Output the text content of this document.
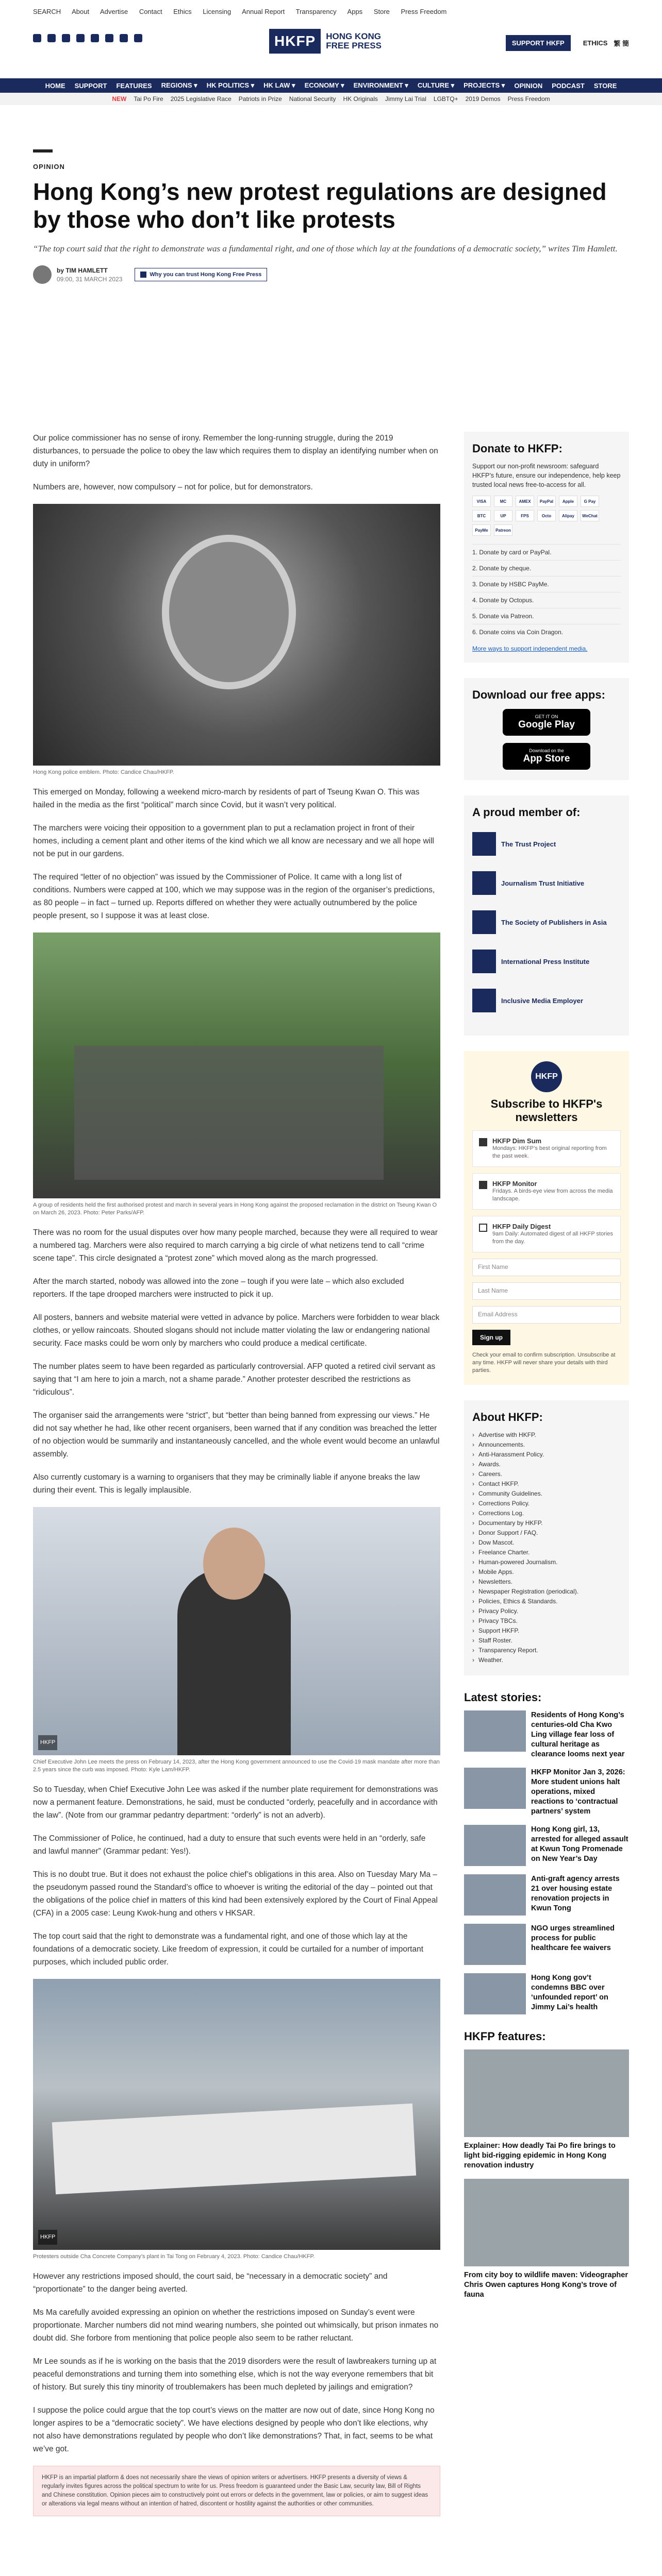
SEARCH About Advertise Contact Ethics Licensing Annual Report Transparency Apps Store Press Freedom
HKFP	HONG KONG
FREE PRESS	SUPPORT HKFP	ETHICS 繁 簡
HOME SUPPORT FEATURES REGIONS ▾ HK POLITICS ▾ HK LAW ▾ ECONOMY ▾ ENVIRONMENT ▾ CULTURE ▾ PROJECTS ▾ OPINION PODCAST STORE
NEW Tai Po Fire 2025 Legislative Race Patriots in Prize National Security HK Originals Jimmy Lai Trial LGBTQ+ 2019 Demos Press Freedom
OPINION
Hong Kong’s new protest regulations are designed by those who don’t like protests

“The top court said that the right to demonstrate was a fundamental right, and one of those which lay at the foundations of a democratic society,” writes Tim Hamlett.

by TIM HAMLETT
09:00, 31 MARCH 2023
Why you can trust Hong Kong Free Press

Our police commissioner has no sense of irony. Remember the long-running struggle, during the 2019 disturbances, to persuade the police to obey the law which requires them to display an identifying number when on duty in uniform?

Numbers are, however, now compulsory – not for police, but for demonstrators.

Hong Kong police emblem. Photo: Candice Chau/HKFP.

This emerged on Monday, following a weekend micro-march by residents of part of Tseung Kwan O. This was hailed in the media as the first “political” march since Covid, but it wasn’t very political.

The marchers were voicing their opposition to a government plan to put a reclamation project in front of their homes, including a cement plant and other items of the kind which we all know are necessary and we all hope will not be put in our gardens.

The required “letter of no objection” was issued by the Commissioner of Police. It came with a long list of conditions. Numbers were capped at 100, which we may suppose was in the region of the organiser’s predictions, as 80 people – in fact – turned up. Reports differed on whether they were actually outnumbered by the police people present, so I suppose it was at least close.

A group of residents held the first authorised protest and march in several years in Hong Kong against the proposed reclamation in the district on Tseung Kwan O on March 26, 2023. Photo: Peter Parks/AFP.

There was no room for the usual disputes over how many people marched, because they were all required to wear a numbered tag. Marchers were also required to march carrying a big circle of what netizens tend to call “crime scene tape”. This circle designated a “protest zone” which moved along as the march progressed.

After the march started, nobody was allowed into the zone – tough if you were late – which also excluded reporters. If the tape drooped marchers were instructed to pick it up.

All posters, banners and website material were vetted in advance by police. Marchers were forbidden to wear black clothes, or yellow raincoats. Shouted slogans should not include matter violating the law or endangering national security. Face masks could be worn only by marchers who could produce a medical certificate.

The number plates seem to have been regarded as particularly controversial. AFP quoted a retired civil servant as saying that “I am here to join a march, not a shame parade.” Another protester described the restrictions as “ridiculous”.

The organiser said the arrangements were “strict”, but “better than being banned from expressing our views.” He did not say whether he had, like other recent organisers, been warned that if any condition was breached the letter of no objection would be summarily and instantaneously cancelled, and the whole event would become an unlawful assembly.

Also currently customary is a warning to organisers that they may be criminally liable if anyone breaks the law during their event. This is legally implausible.

HKFP

Chief Executive John Lee meets the press on February 14, 2023, after the Hong Kong government announced to use the Covid-19 mask mandate after more than 2.5 years since the curb was imposed. Photo: Kyle Lam/HKFP.

So to Tuesday, when Chief Executive John Lee was asked if the number plate requirement for demonstrations was now a permanent feature. Demonstrations, he said, must be conducted “orderly, peacefully and in accordance with the law”. (Note from our grammar pedantry department: “orderly” is not an adverb).

The Commissioner of Police, he continued, had a duty to ensure that such events were held in an “orderly, safe and lawful manner” (Grammar pedant: Yes!).

This is no doubt true. But it does not exhaust the police chief’s obligations in this area. Also on Tuesday Mary Ma – the pseudonym passed round the Standard’s office to whoever is writing the editorial of the day – pointed out that the obligations of the police chief in matters of this kind had been extensively explored by the Court of Final Appeal (CFA) in a 2005 case: Leung Kwok-hung and others v HKSAR.

The top court said that the right to demonstrate was a fundamental right, and one of those which lay at the foundations of a democratic society. Like freedom of expression, it could be curtailed for a number of important purposes, which included public order.

HKFP

Protesters outside Cha Concrete Company’s plant in Tai Tong on February 4, 2023. Photo: Candice Chau/HKFP.

However any restrictions imposed should, the court said, be “necessary in a democratic society” and “proportionate” to the danger being averted.

Ms Ma carefully avoided expressing an opinion on whether the restrictions imposed on Sunday’s event were proportionate. Marcher numbers did not mind wearing numbers, she pointed out whimsically, but prison inmates no doubt did. She forbore from mentioning that police people also seem to be rather reluctant.

Mr Lee sounds as if he is working on the basis that the 2019 disorders were the result of lawbreakers turning up at peaceful demonstrations and turning them into something else, which is not the way everyone remembers that bit of history. But surely this tiny minority of troublemakers has been much depleted by jailings and emigration?

I suppose the police could argue that the top court’s views on the matter are now out of date, since Hong Kong no longer aspires to be a “democratic society”. We have elections designed by people who don’t like elections, why not also have demonstrations regulated by people who don’t like demonstrations? That, in fact, seems to be what we’ve got.

HKFP is an impartial platform & does not necessarily share the views of opinion writers or advertisers. HKFP presents a diversity of views & regularly invites figures across the political spectrum to write for us. Press freedom is guaranteed under the Basic Law, security law, Bill of Rights and Chinese constitution. Opinion pieces aim to constructively point out errors or defects in the government, law or policies, or aim to suggest ideas or alterations via legal means without an intention of hatred, discontent or hostility against the authorities or other communities.
Donate to HKFP:

Support our non-profit newsroom: safeguard HKFP’s future, ensure our independence, help keep trusted local news free-to-access for all.

VISA	MC	AMEX	PayPal	Apple	G Pay
BTC	UP	FPS	Octo	Alipay	WeChat
PayMe	Patreon
1. Donate by card or PayPal.
2. Donate by cheque.
3. Donate by HSBC PayMe.
4. Donate by Octopus.
5. Donate via Patreon.
6. Donate coins via Coin Dragon.
More ways to support independent media.
Download our free apps:
GET IT ON
Google Play
Download on the
App Store
A proud member of:
The Trust Project
Journalism Trust Initiative
The Society of Publishers in Asia
International Press Institute
Inclusive Media Employer
HKFP
Subscribe to HKFP's newsletters
HKFP Dim Sum
Mondays: HKFP’s best original reporting from the past week.
HKFP Monitor
Fridays. A birds-eye view from across the media landscape.
HKFP Daily Digest
9am Daily: Automated digest of all HKFP stories from the day.
First Name
Last Name
Email Address
Sign up

Check your email to confirm subscription. Unsubscribe at any time. HKFP will never share your details with third parties.

About HKFP:
› Advertise with HKFP.
› Announcements.
› Anti-Harassment Policy.
› Awards.
› Careers.
› Contact HKFP.
› Community Guidelines.
› Corrections Policy.
› Corrections Log.
› Documentary by HKFP.
› Donor Support / FAQ.
› Dow Mascot.
› Freelance Charter.
› Human-powered Journalism.
› Mobile Apps.
› Newsletters.
› Newspaper Registration (periodical).
› Policies, Ethics & Standards.
› Privacy Policy.
› Privacy TBCs.
› Support HKFP.
› Staff Roster.
› Transparency Report.
› Weather.
Latest stories:
Residents of Hong Kong’s centuries-old Cha Kwo Ling village fear loss of cultural heritage as clearance looms next year
HKFP Monitor Jan 3, 2026: More student unions halt operations, mixed reactions to ‘contractual partners’ system
Hong Kong girl, 13, arrested for alleged assault at Kwun Tong Promenade on New Year’s Day
Anti-graft agency arrests 21 over housing estate renovation projects in Kwun Tong
NGO urges streamlined process for public healthcare fee waivers
Hong Kong gov’t condemns BBC over ‘unfounded report’ on Jimmy Lai’s health
HKFP features:
Explainer: How deadly Tai Po fire brings to light bid-rigging epidemic in Hong Kong renovation industry
From city boy to wildlife maven: Videographer Chris Owen captures Hong Kong’s trove of fauna
